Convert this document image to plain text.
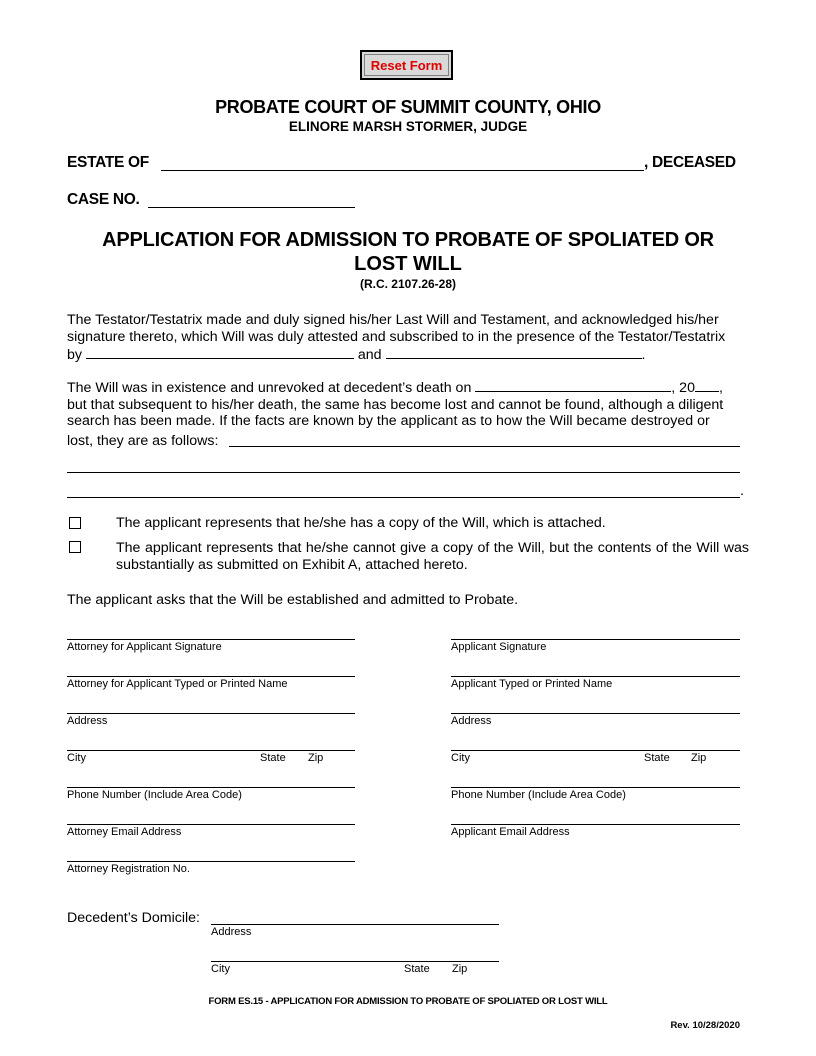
Reset Form
PROBATE COURT OF SUMMIT COUNTY, OHIO
ELINORE MARSH STORMER, JUDGE
ESTATE OF	, DECEASED
CASE NO.
APPLICATION FOR ADMISSION TO PROBATE OF SPOLIATED OR
LOST WILL
(R.C. 2107.26-28)
The Testator/Testatrix made and duly signed his/her Last Will and Testament, and acknowledged his/her
signature thereto, which Will was duly attested and subscribed to in the presence of the Testator/Testatrix
by	and	.
The Will was in existence and unrevoked at decedent’s death on	, 20 ,
but that subsequent to his/her death, the same has become lost and cannot be found, although a diligent
search has been made. If the facts are known by the applicant as to how the Will became destroyed or
lost, they are as follows:
.
The applicant represents that he/she has a copy of the Will, which is attached.
The applicant represents that he/she cannot give a copy of the Will, but the contents of the Will was substantially as submitted on Exhibit A, attached hereto.
The applicant asks that the Will be established and admitted to Probate.
Attorney for Applicant Signature
Attorney for Applicant Typed or Printed Name
Address
City	State Zip
Phone Number (Include Area Code)
Attorney Email Address
Attorney Registration No.
Applicant Signature
Applicant Typed or Printed Name
Address
City	State Zip
Phone Number (Include Area Code)
Applicant Email Address
Decedent’s Domicile:
Address
City	State Zip
FORM ES.15 - APPLICATION FOR ADMISSION TO PROBATE OF SPOLIATED OR LOST WILL
Rev. 10/28/2020
